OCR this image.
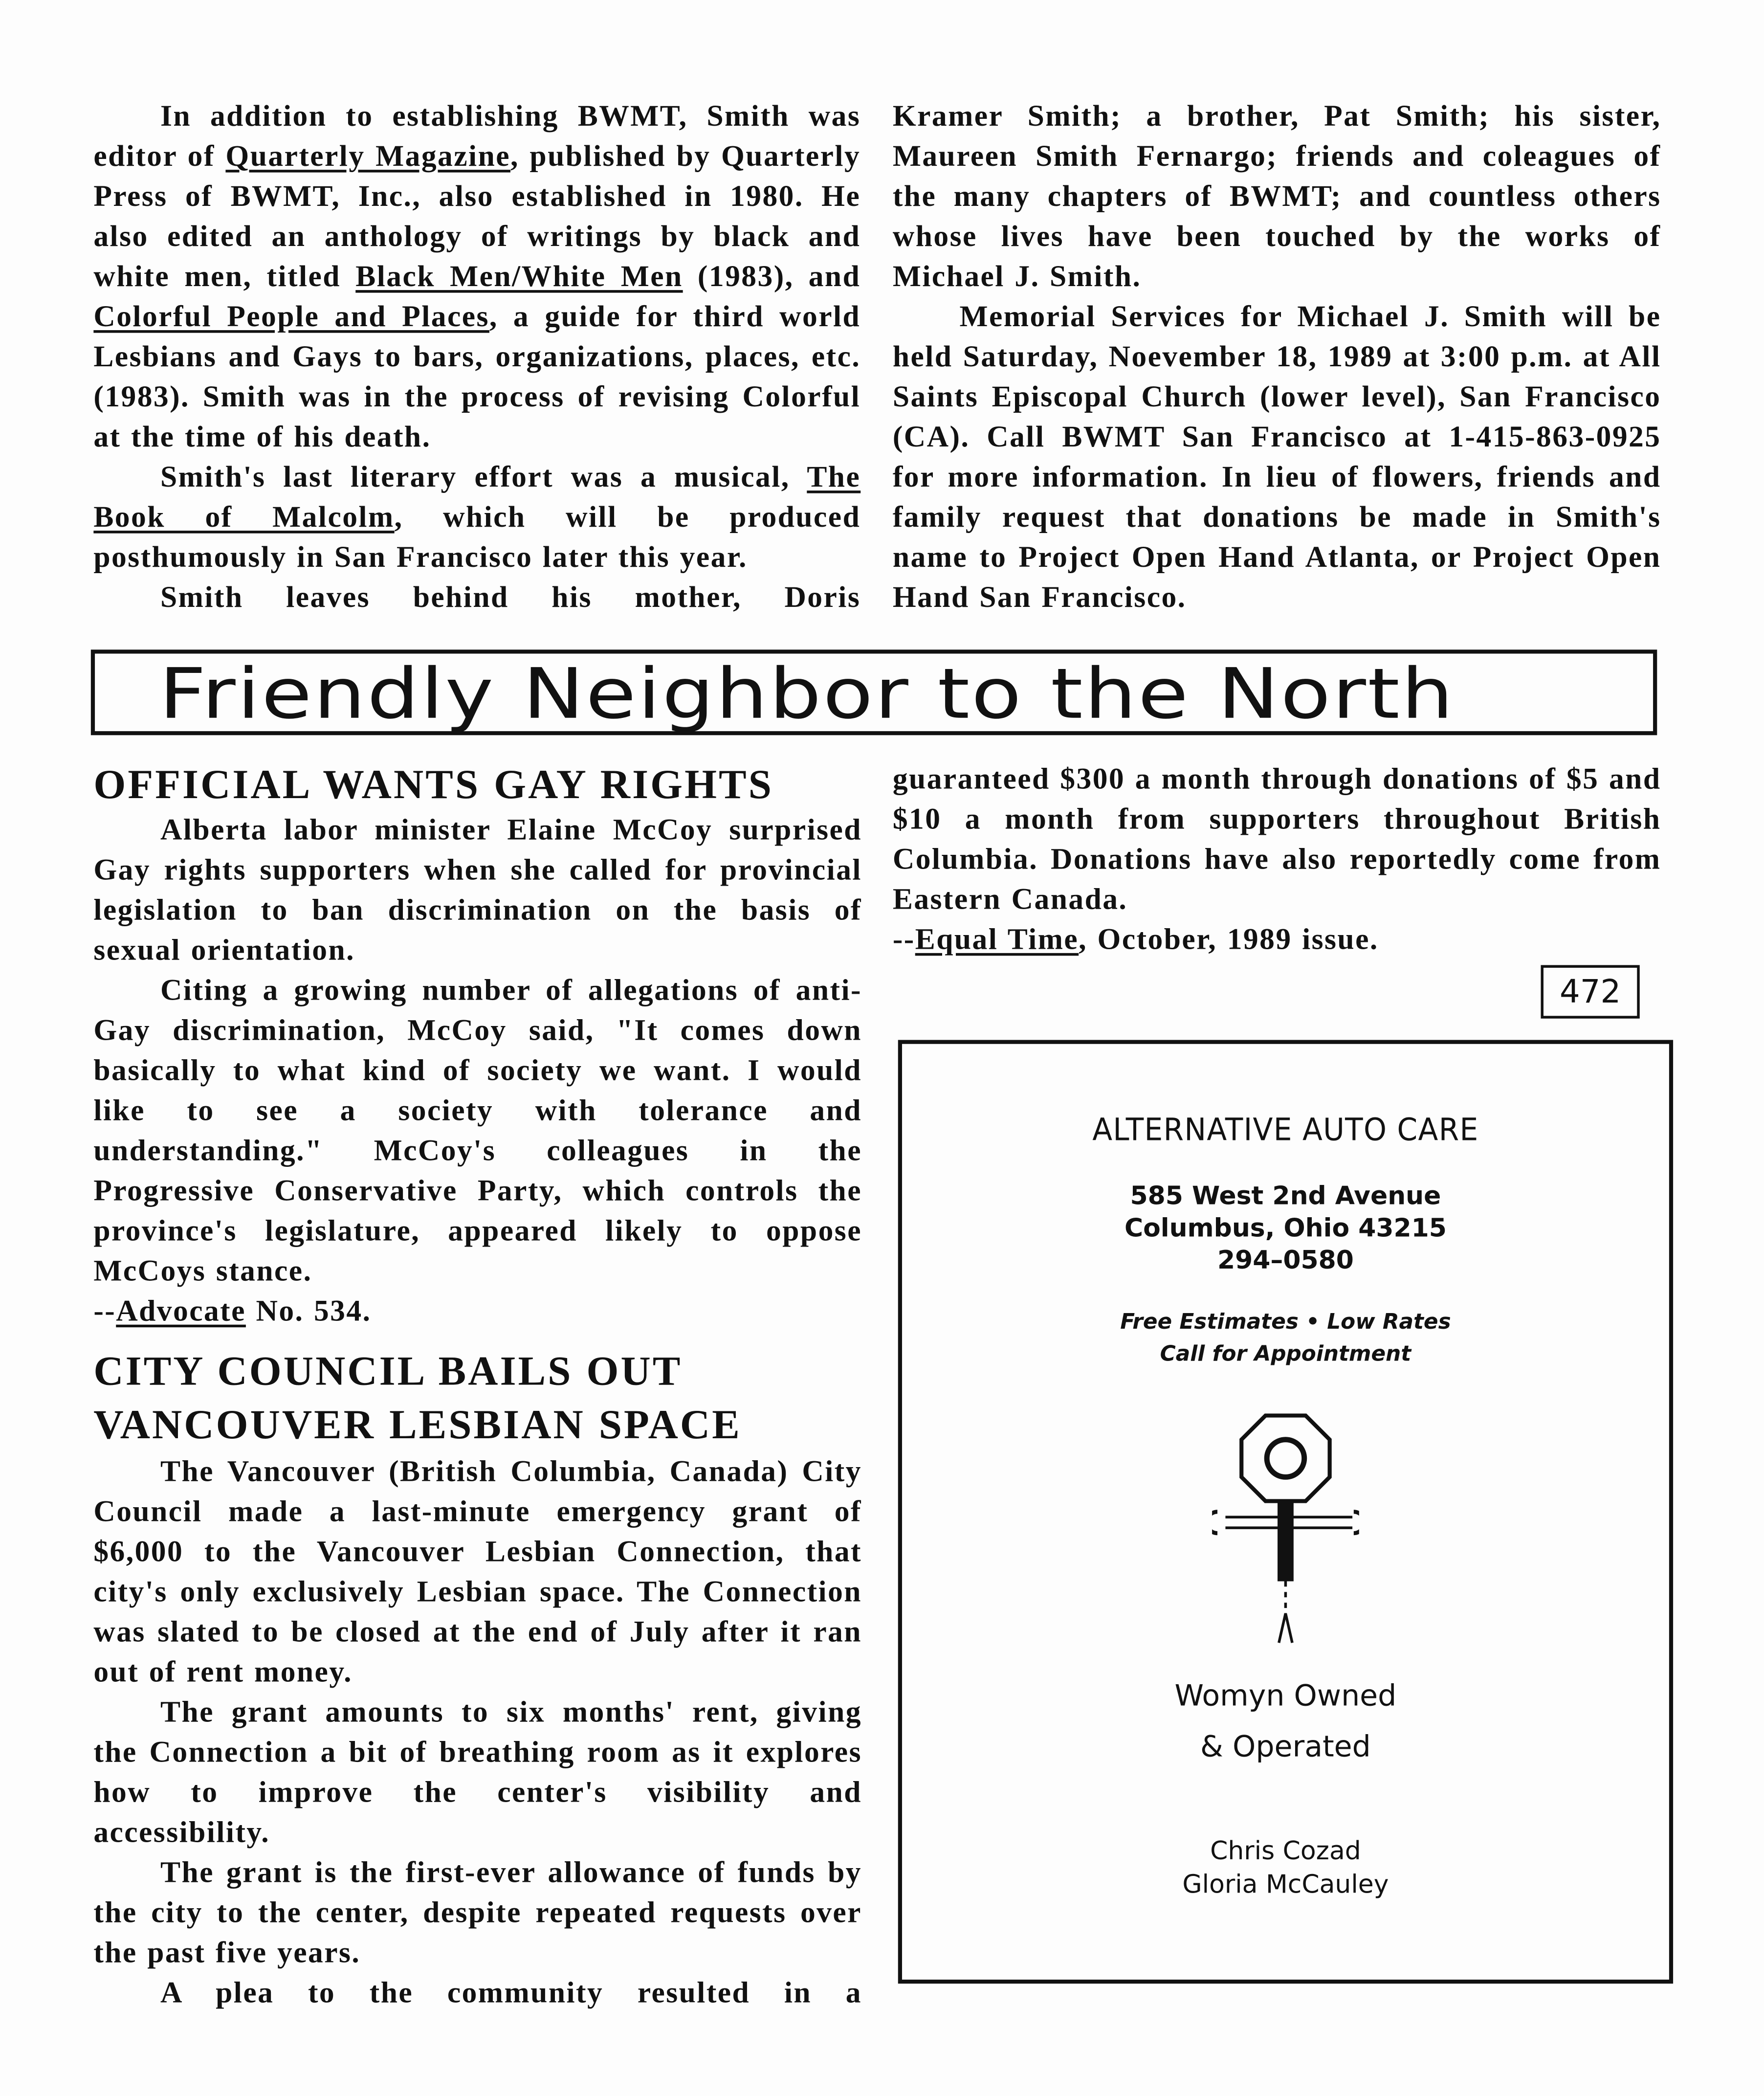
In addition to establishing BWMT, Smith was editor of Quarterly Magazine, published by Quarterly Press of BWMT, Inc., also established in 1980. He also edited an anthology of writings by black and white men, titled Black Men/White Men (1983), and Colorful People and Places, a guide for third world Lesbians and Gays to bars, organizations, places, etc. (1983). Smith was in the process of revising Colorful at the time of his death.

Smith's last literary effort was a musical, The Book of Malcolm, which will be produced posthumously in San Francisco later this year.

Smith leaves behind his mother, Doris

Kramer Smith; a brother, Pat Smith; his sister, Maureen Smith Fernargo; friends and coleagues of the many chapters of BWMT; and countless others whose lives have been touched by the works of Michael J. Smith.

Memorial Services for Michael J. Smith will be held Saturday, Noevember 18, 1989 at 3:00 p.m. at All Saints Episcopal Church (lower level), San Francisco (CA). Call BWMT San Francisco at 1-415-863-0925 for more information. In lieu of flowers, friends and family request that donations be made in Smith's name to Project Open Hand Atlanta, or Project Open Hand San Francisco.

Friendly Neighbor to the North
OFFICIAL WANTS GAY RIGHTS

Alberta labor minister Elaine McCoy surprised Gay rights supporters when she called for provincial legislation to ban discrimination on the basis of sexual orientation.

Citing a growing number of allegations of anti-Gay discrimination, McCoy said, "It comes down basically to what kind of society we want. I would like to see a society with tolerance and understanding." McCoy's colleagues in the Progressive Conservative Party, which controls the province's legislature, appeared likely to oppose McCoys stance.

--Advocate No. 534.

CITY COUNCIL BAILS OUT VANCOUVER LESBIAN SPACE

The Vancouver (British Columbia, Canada) City Council made a last-minute emergency grant of $6,000 to the Vancouver Lesbian Connection, that city's only exclusively Lesbian space. The Connection was slated to be closed at the end of July after it ran out of rent money.

The grant amounts to six months' rent, giving the Connection a bit of breathing room as it explores how to improve the center's visibility and accessibility.

The grant is the first-ever allowance of funds by the city to the center, despite repeated requests over the past five years.

A plea to the community resulted in a

guaranteed $300 a month through donations of $5 and $10 a month from supporters throughout British Columbia. Donations have also reportedly come from Eastern Canada.

--Equal Time, October, 1989 issue.

472
ALTERNATIVE AUTO CARE
585 West 2nd Avenue
Columbus, Ohio 43215
294–0580
Free Estimates • Low Rates
Call for Appointment
Womyn Owned
& Operated
Chris Cozad
Gloria McCauley
